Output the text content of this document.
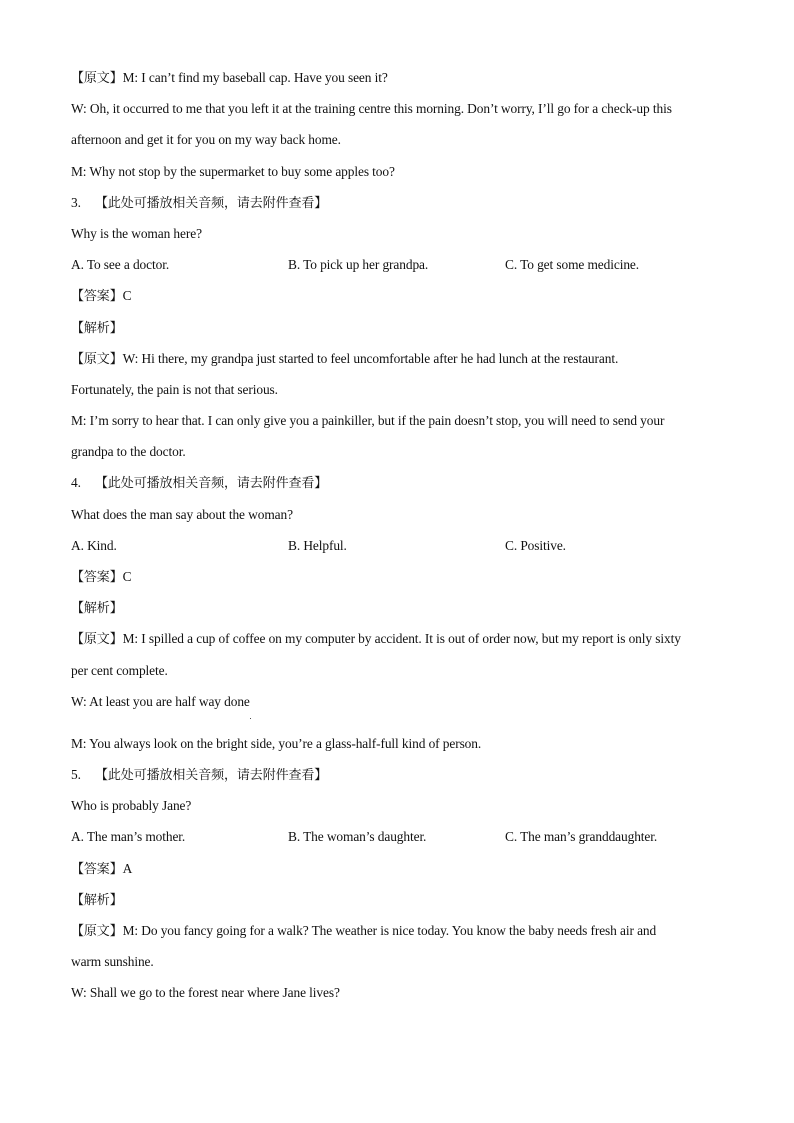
【原文】M: I can’t find my baseball cap. Have you seen it?
W: Oh, it occurred to me that you left it at the training centre this morning. Don’t worry, I’ll go for a check-up this
afternoon and get it for you on my way back home.
M: Why not stop by the supermarket to buy some apples too?
3. 【此处可播放相关音频，请去附件查看】
Why is the woman here?
A. To see a doctor.	B. To pick up her grandpa.	C. To get some medicine.
【答案】C
【解析】
【原文】W: Hi there, my grandpa just started to feel uncomfortable after he had lunch at the restaurant.
Fortunately, the pain is not that serious.
M: I’m sorry to hear that. I can only give you a painkiller, but if the pain doesn’t stop, you will need to send your
grandpa to the doctor.
4. 【此处可播放相关音频，请去附件查看】
What does the man say about the woman?
A. Kind.	B. Helpful.	C. Positive.
【答案】C
【解析】
【原文】M: I spilled a cup of coffee on my computer by accident. It is out of order now, but my report is only sixty
per cent complete.
W: At least you are half way done
M: You always look on the bright side, you’re a glass-half-full kind of person.
5. 【此处可播放相关音频，请去附件查看】
Who is probably Jane?
A. The man’s mother.	B. The woman’s daughter.	C. The man’s granddaughter.
【答案】A
【解析】
【原文】M: Do you fancy going for a walk? The weather is nice today. You know the baby needs fresh air and
warm sunshine.
W: Shall we go to the forest near where Jane lives?
